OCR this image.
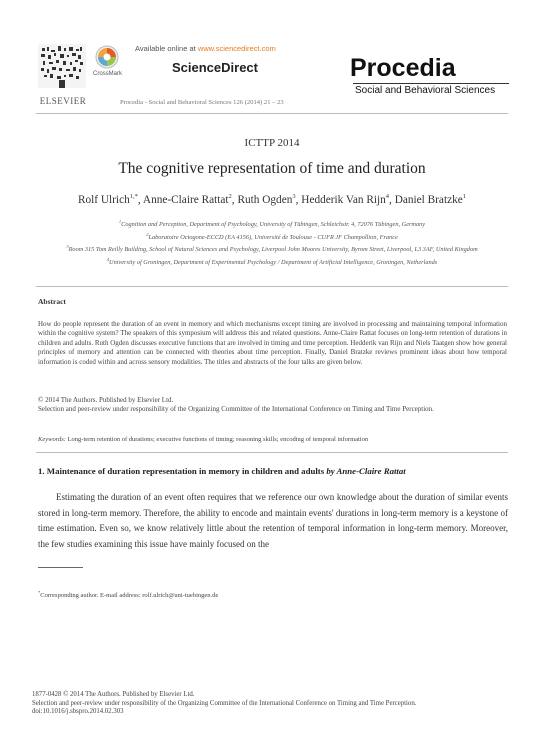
ELSEVIER
CrossMark
Available online at www.sciencedirect.com
ScienceDirect	Procedia
Social and Behavioral Sciences
Procedia - Social and Behavioral Sciences 126 (2014) 21 – 23
ICTTP 2014
The cognitive representation of time and duration
Rolf Ulrich$^{1,*}$, Anne-Claire Rattat$^2$, Ruth Ogden$^3$, Hedderik Van Rijn$^4$, Daniel Bratzke$^1$
$^1$Cognition and Perception, Department of Psychology, University of Tübingen, Schleichstr. 4, 72076 Tübingen, Germany
$^2$Laboratoire Octogone-ECCD (EA 4156), Université de Toulouse - CUFR JF Champollion, France
$^3$Room 315 Tom Reilly Building, School of Natural Sciences and Psychology, Liverpool John Moores University, Byrom Street, Liverpool, L3 3AF, United Kingdom
$^4$University of Groningen, Department of Experimental Psychology / Department of Artificial Intelligence, Groningen, Netherlands
Abstract
How do people represent the duration of an event in memory and which mechanisms except timing are involved in processing and maintaining temporal information within the cognitive system? The speakers of this symposium will address this and related questions. Anne-Claire Rattat focuses on long-term retention of durations in children and adults. Ruth Ogden discusses executive functions that are involved in timing and time perception. Hedderik van Rijn and Niels Taatgen show how general principles of memory and attention can be connected with theories about time perception. Finally, Daniel Bratzke reviews prominent ideas about how temporal information is coded within and across sensory modalities. The titles and abstracts of the four talks are given below.
© 2014 The Authors. Published by Elsevier Ltd.
Selection and peer-review under responsibility of the Organizing Committee of the International Conference on Timing and Time Perception.
Keywords: Long-term retention of durations; executive functions of timing; reasoning skills; encoding of temporal information
1. Maintenance of duration representation in memory in children and adults by Anne-Claire Rattat
Estimating the duration of an event often requires that we reference our own knowledge about the duration of similar events stored in long-term memory. Therefore, the ability to encode and maintain events' durations in long-term memory is a keystone of time estimation. Even so, we know relatively little about the retention of temporal information in long-term memory. Moreover, the few studies examining this issue have mainly focused on the
*Corresponding author. E-mail address: rolf.ulrich@uni-tuebingen.de
1877-0428 © 2014 The Authors. Published by Elsevier Ltd.
Selection and peer-review under responsibility of the Organizing Committee of the International Conference on Timing and Time Perception.
doi:10.1016/j.sbspro.2014.02.303
